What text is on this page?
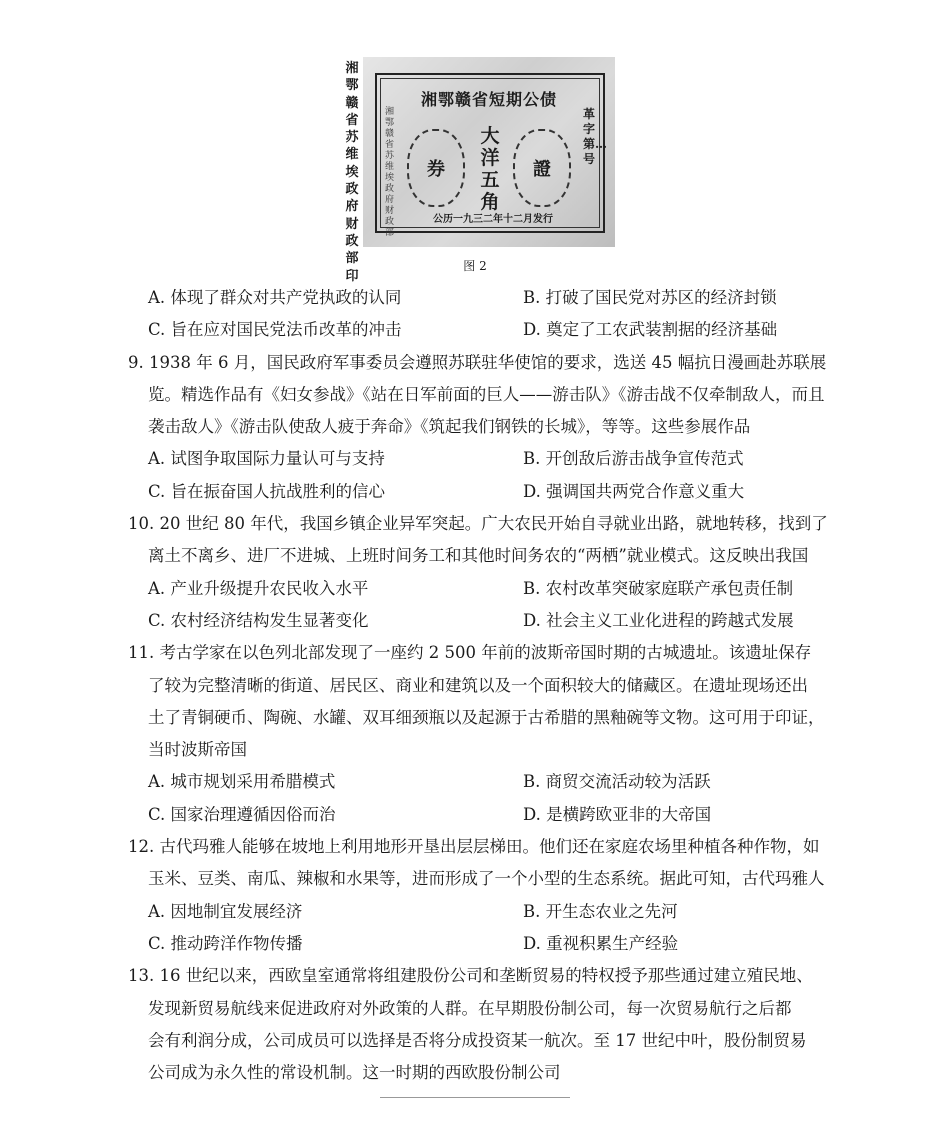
湘鄂赣省苏维埃政府财政部印
湘鄂赣省短期公债
湘鄂赣省苏维埃政府财政部
券
大洋五角
證
革字第…号
公历一九三二年十二月发行
图 2
A. 体现了群众对共产党执政的认同	B. 打破了国民党对苏区的经济封锁
C. 旨在应对国民党法币改革的冲击	D. 奠定了工农武装割据的经济基础
9. 1938 年 6 月，国民政府军事委员会遵照苏联驻华使馆的要求，选送 45 幅抗日漫画赴苏联展
览。精选作品有《妇女参战》《站在日军前面的巨人——游击队》《游击战不仅牵制敌人，而且
袭击敌人》《游击队使敌人疲于奔命》《筑起我们钢铁的长城》，等等。这些参展作品
A. 试图争取国际力量认可与支持	B. 开创敌后游击战争宣传范式
C. 旨在振奋国人抗战胜利的信心	D. 强调国共两党合作意义重大
10. 20 世纪 80 年代，我国乡镇企业异军突起。广大农民开始自寻就业出路，就地转移，找到了
离土不离乡、进厂不进城、上班时间务工和其他时间务农的“两栖”就业模式。这反映出我国
A. 产业升级提升农民收入水平	B. 农村改革突破家庭联产承包责任制
C. 农村经济结构发生显著变化	D. 社会主义工业化进程的跨越式发展
11. 考古学家在以色列北部发现了一座约 2 500 年前的波斯帝国时期的古城遗址。该遗址保存
了较为完整清晰的街道、居民区、商业和建筑以及一个面积较大的储藏区。在遗址现场还出
土了青铜硬币、陶碗、水罐、双耳细颈瓶以及起源于古希腊的黑釉碗等文物。这可用于印证，
当时波斯帝国
A. 城市规划采用希腊模式	B. 商贸交流活动较为活跃
C. 国家治理遵循因俗而治	D. 是横跨欧亚非的大帝国
12. 古代玛雅人能够在坡地上利用地形开垦出层层梯田。他们还在家庭农场里种植各种作物，如
玉米、豆类、南瓜、辣椒和水果等，进而形成了一个小型的生态系统。据此可知，古代玛雅人
A. 因地制宜发展经济	B. 开生态农业之先河
C. 推动跨洋作物传播	D. 重视积累生产经验
13. 16 世纪以来，西欧皇室通常将组建股份公司和垄断贸易的特权授予那些通过建立殖民地、
发现新贸易航线来促进政府对外政策的人群。在早期股份制公司，每一次贸易航行之后都
会有利润分成，公司成员可以选择是否将分成投资某一航次。至 17 世纪中叶，股份制贸易
公司成为永久性的常设机制。这一时期的西欧股份制公司
